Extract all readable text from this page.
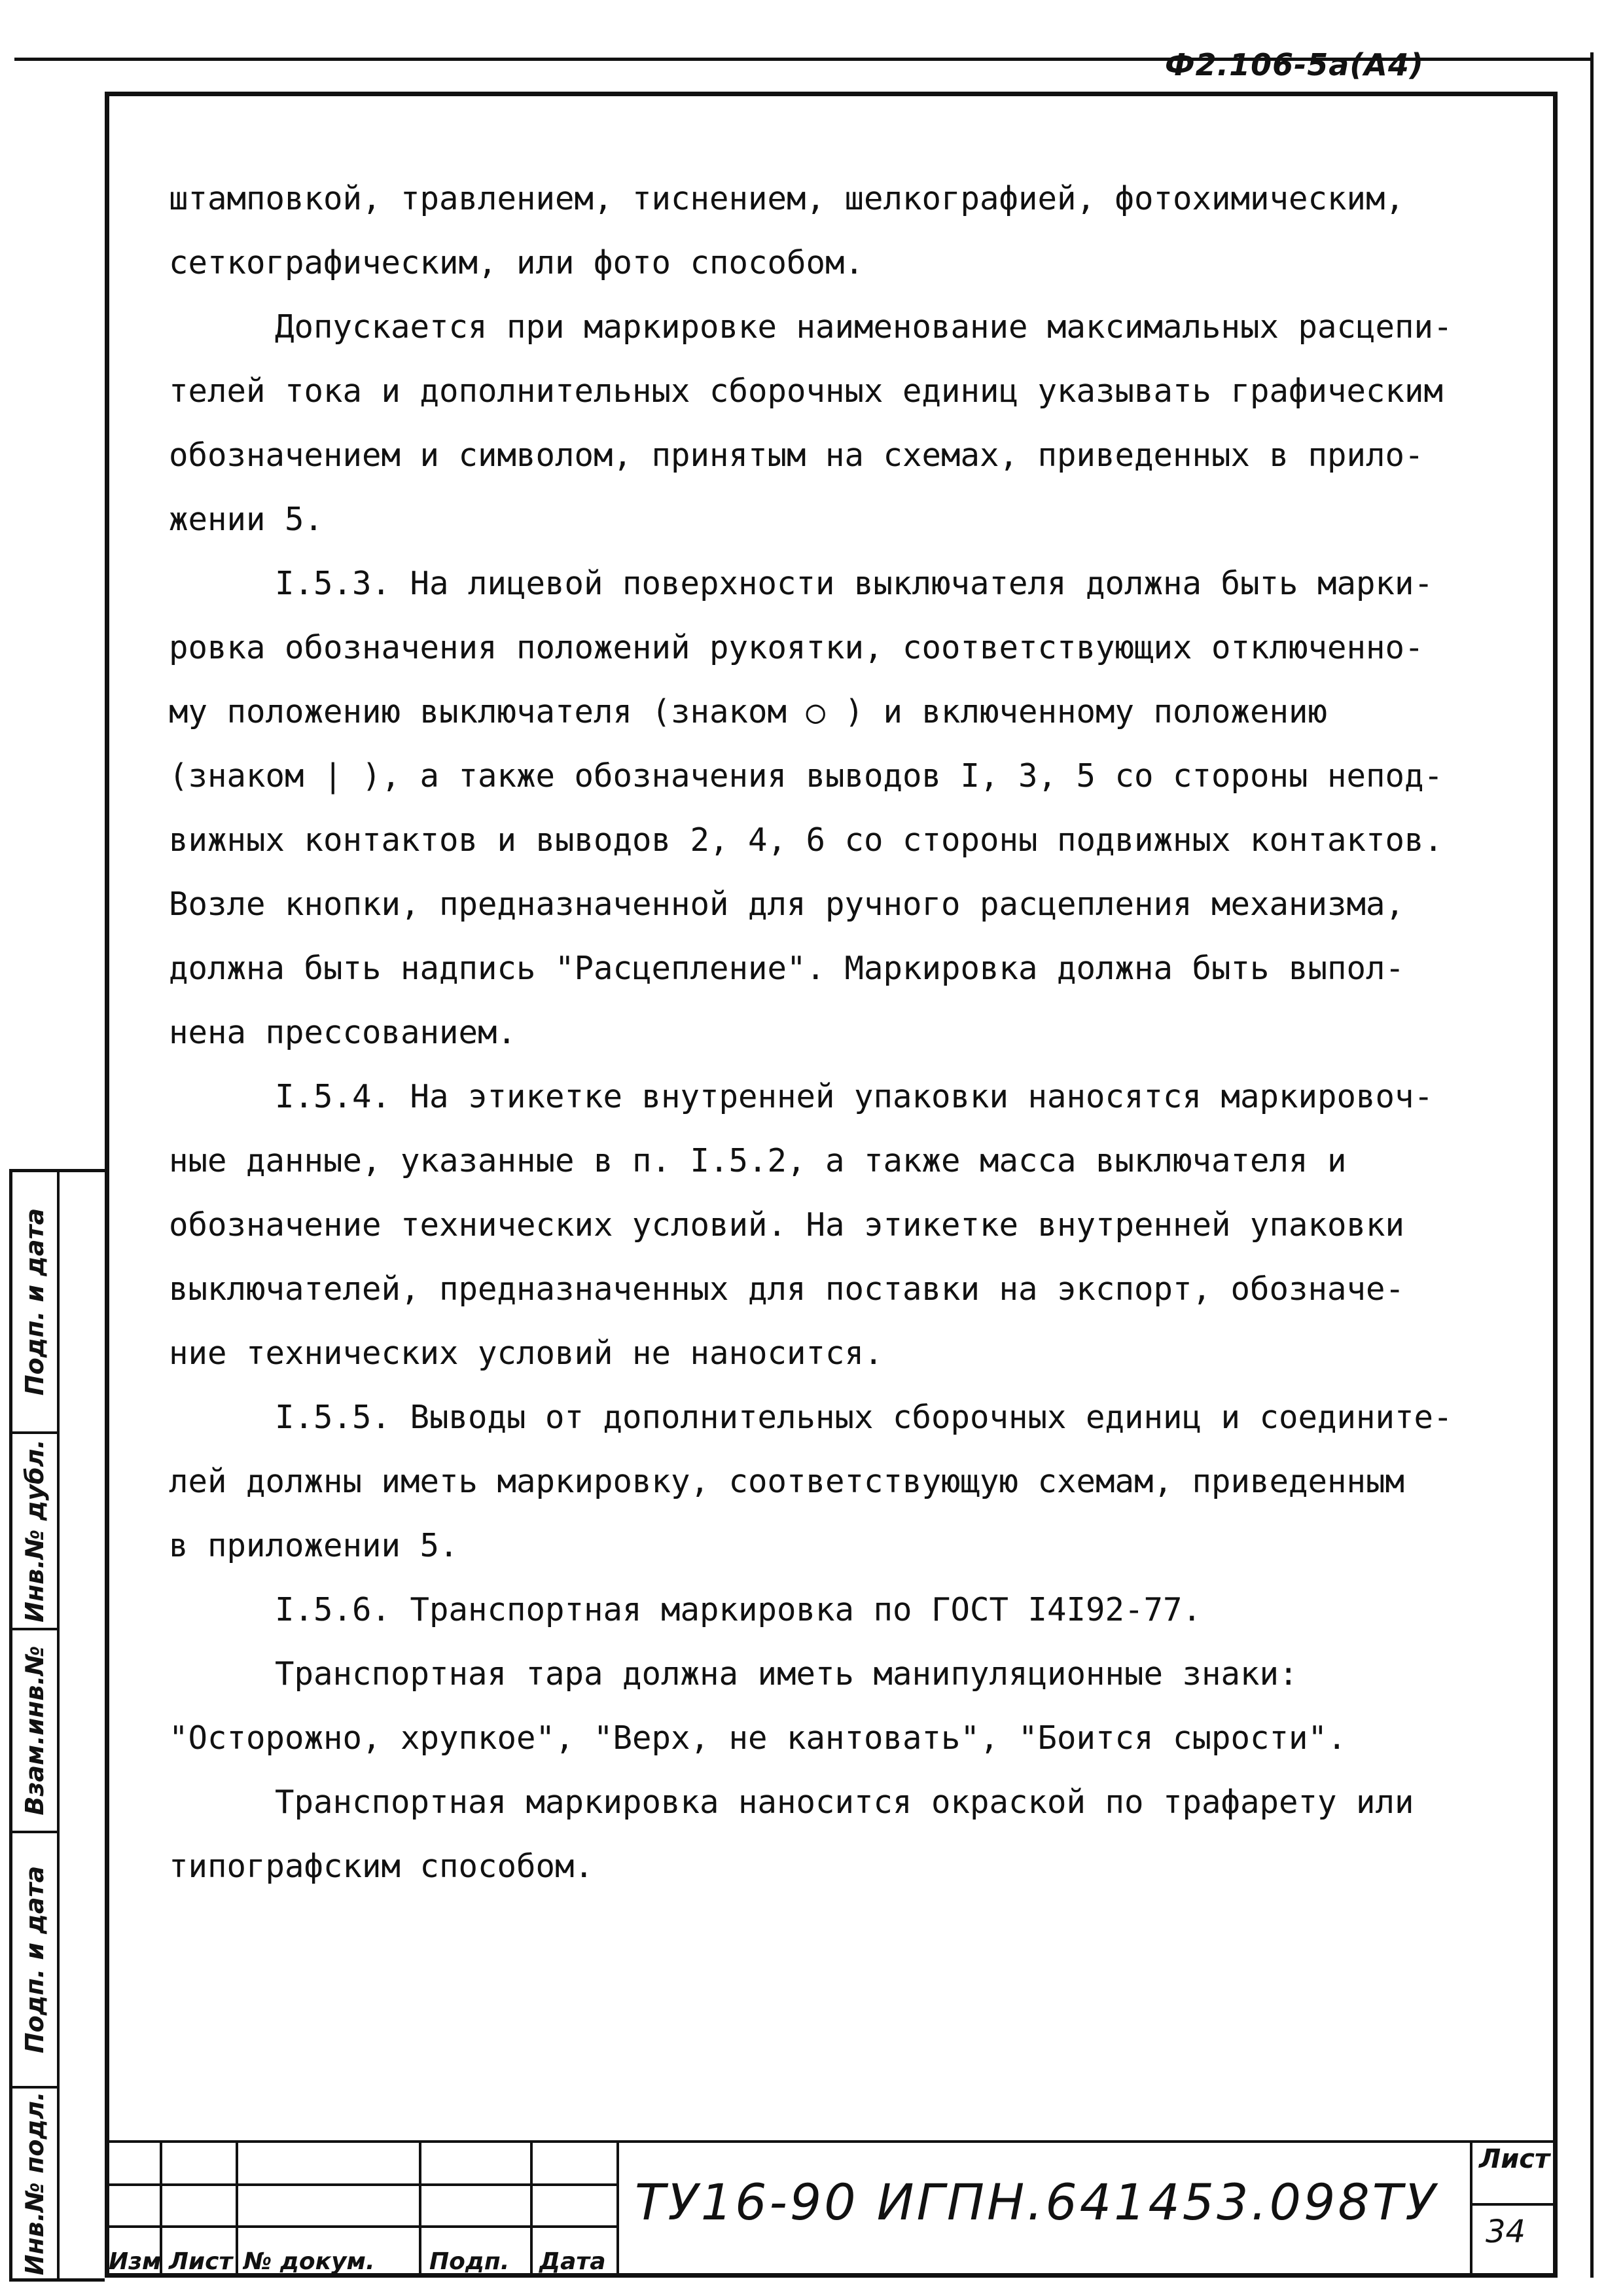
Ф2.106-5а(А4)

штамповкой, травлением, тиснением, шелкографией, фотохимическим,
сеткографическим, или фото способом.

Допускается при маркировке наименование максимальных расцепи-
телей тока и дополнительных сборочных единиц указывать графическим
обозначением и символом, принятым на схемах, приведенных в прило-
жении 5.

I.5.3. На лицевой поверхности выключателя должна быть марки-
ровка обозначения положений рукоятки, соответствующих отключенно-
му положению выключателя (знаком ○ ) и включенному положению
(знаком | ), а также обозначения выводов I, 3, 5 со стороны непод-
вижных контактов и выводов 2, 4, 6 со стороны подвижных контактов.
Возле кнопки, предназначенной для ручного расцепления механизма,
должна быть надпись "Расцепление". Маркировка должна быть выпол-
нена прессованием.

I.5.4. На этикетке внутренней упаковки наносятся маркировоч-
ные данные, указанные в п. I.5.2, а также масса выключателя и
обозначение технических условий. На этикетке внутренней упаковки
выключателей, предназначенных для поставки на экспорт, обозначе-
ние технических условий не наносится.

I.5.5. Выводы от дополнительных сборочных единиц и соедините-
лей должны иметь маркировку, соответствующую схемам, приведенным
в приложении 5.

I.5.6. Транспортная маркировка по ГОСТ I4I92-77.

Транспортная тара должна иметь манипуляционные знаки:
"Осторожно, хрупкое", "Верх, не кантовать", "Боится сырости".

Транспортная маркировка наносится окраской по трафарету или
типографским способом.

Подп. и дата
Инв.№ дубл.
Взам.инв.№
Подп. и дата
Инв.№ подл.	Изм Лист № докум. Подп. Дата
ТУ16-90 ИГПН.641453.098ТУ
Лист
34
